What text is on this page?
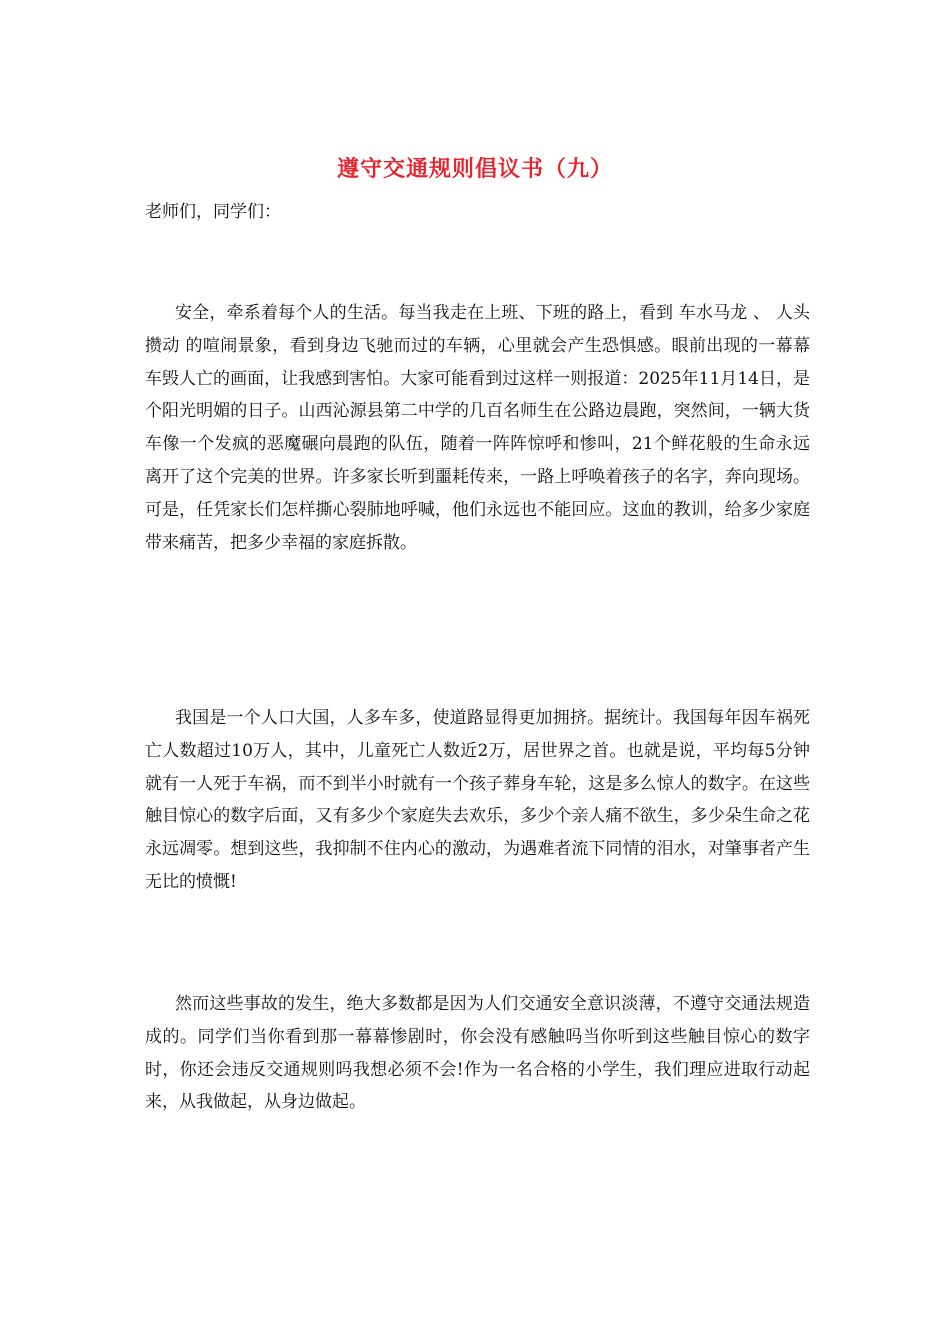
遵守交通规则倡议书（九）
老师们，同学们：

安全，牵系着每个人的生活。每当我走在上班、下班的路上，看到 车水马龙 、 人头攒动 的喧闹景象，看到身边飞驰而过的车辆，心里就会产生恐惧感。眼前出现的一幕幕车毁人亡的画面，让我感到害怕。大家可能看到过这样一则报道：2025年11月14日，是个阳光明媚的日子。山西沁源县第二中学的几百名师生在公路边晨跑，突然间，一辆大货车像一个发疯的恶魔碾向晨跑的队伍，随着一阵阵惊呼和惨叫，21个鲜花般的生命永远离开了这个完美的世界。许多家长听到噩耗传来，一路上呼唤着孩子的名字，奔向现场。可是，任凭家长们怎样撕心裂肺地呼喊，他们永远也不能回应。这血的教训，给多少家庭带来痛苦，把多少幸福的家庭拆散。

我国是一个人口大国，人多车多，使道路显得更加拥挤。据统计。我国每年因车祸死亡人数超过10万人，其中，儿童死亡人数近2万，居世界之首。也就是说，平均每5分钟就有一人死于车祸，而不到半小时就有一个孩子葬身车轮，这是多么惊人的数字。在这些触目惊心的数字后面，又有多少个家庭失去欢乐，多少个亲人痛不欲生，多少朵生命之花永远凋零。想到这些，我抑制不住内心的激动，为遇难者流下同情的泪水，对肇事者产生无比的愤慨!

然而这些事故的发生，绝大多数都是因为人们交通安全意识淡薄，不遵守交通法规造成的。同学们当你看到那一幕幕惨剧时，你会没有感触吗当你听到这些触目惊心的数字时，你还会违反交通规则吗我想必须不会!作为一名合格的小学生，我们理应进取行动起来，从我做起，从身边做起。
